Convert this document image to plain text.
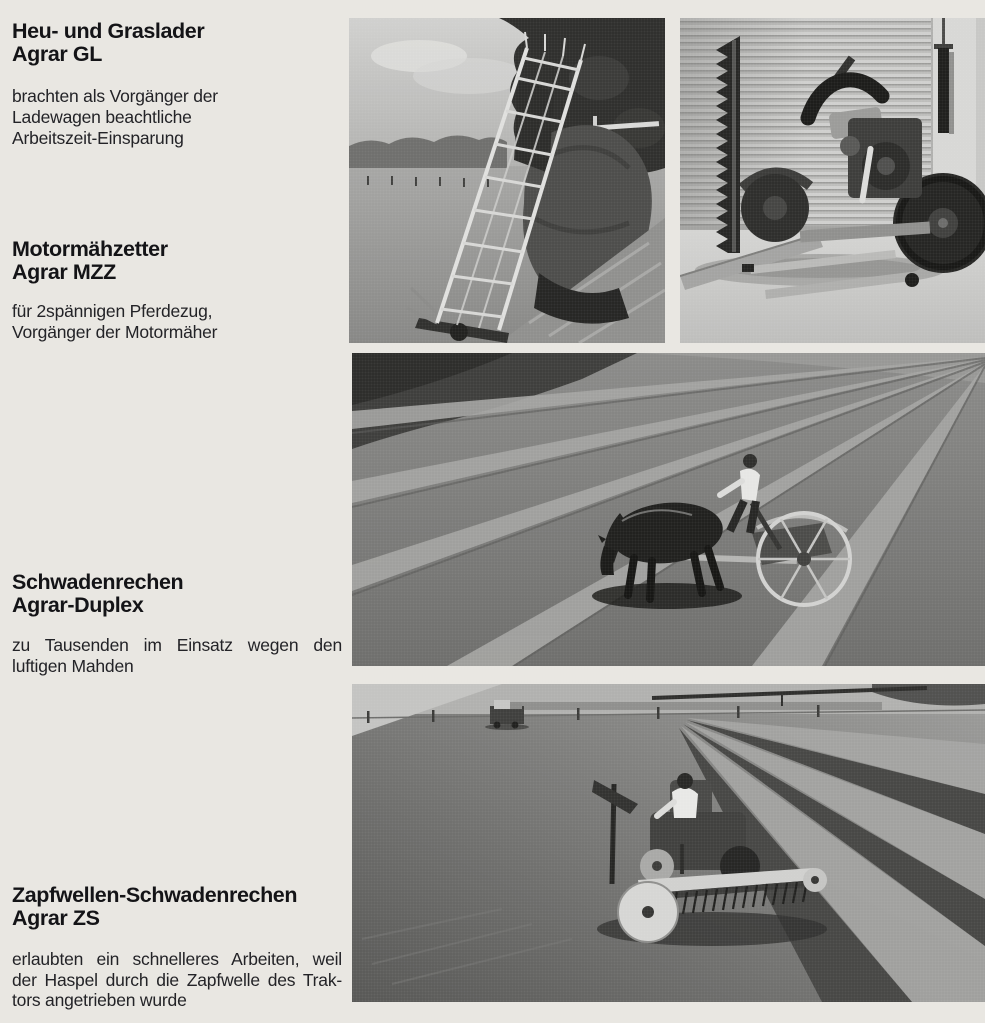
Heu- und Graslader
Agrar GL

brachten als Vorgänger der
Ladewagen beachtliche
Arbeitszeit-Einsparung

Motormähzetter
Agrar MZZ

für 2spännigen Pferdezug,
Vorgänger der Motormäher

Schwadenrechen
Agrar-Duplex

zu Tausenden im Einsatz wegen den
luftigen Mahden

Zapfwellen-Schwadenrechen
Agrar ZS

erlaubten ein schnelleres Arbeiten, weil
der Haspel durch die Zapfwelle des Trak-
tors angetrieben wurde
